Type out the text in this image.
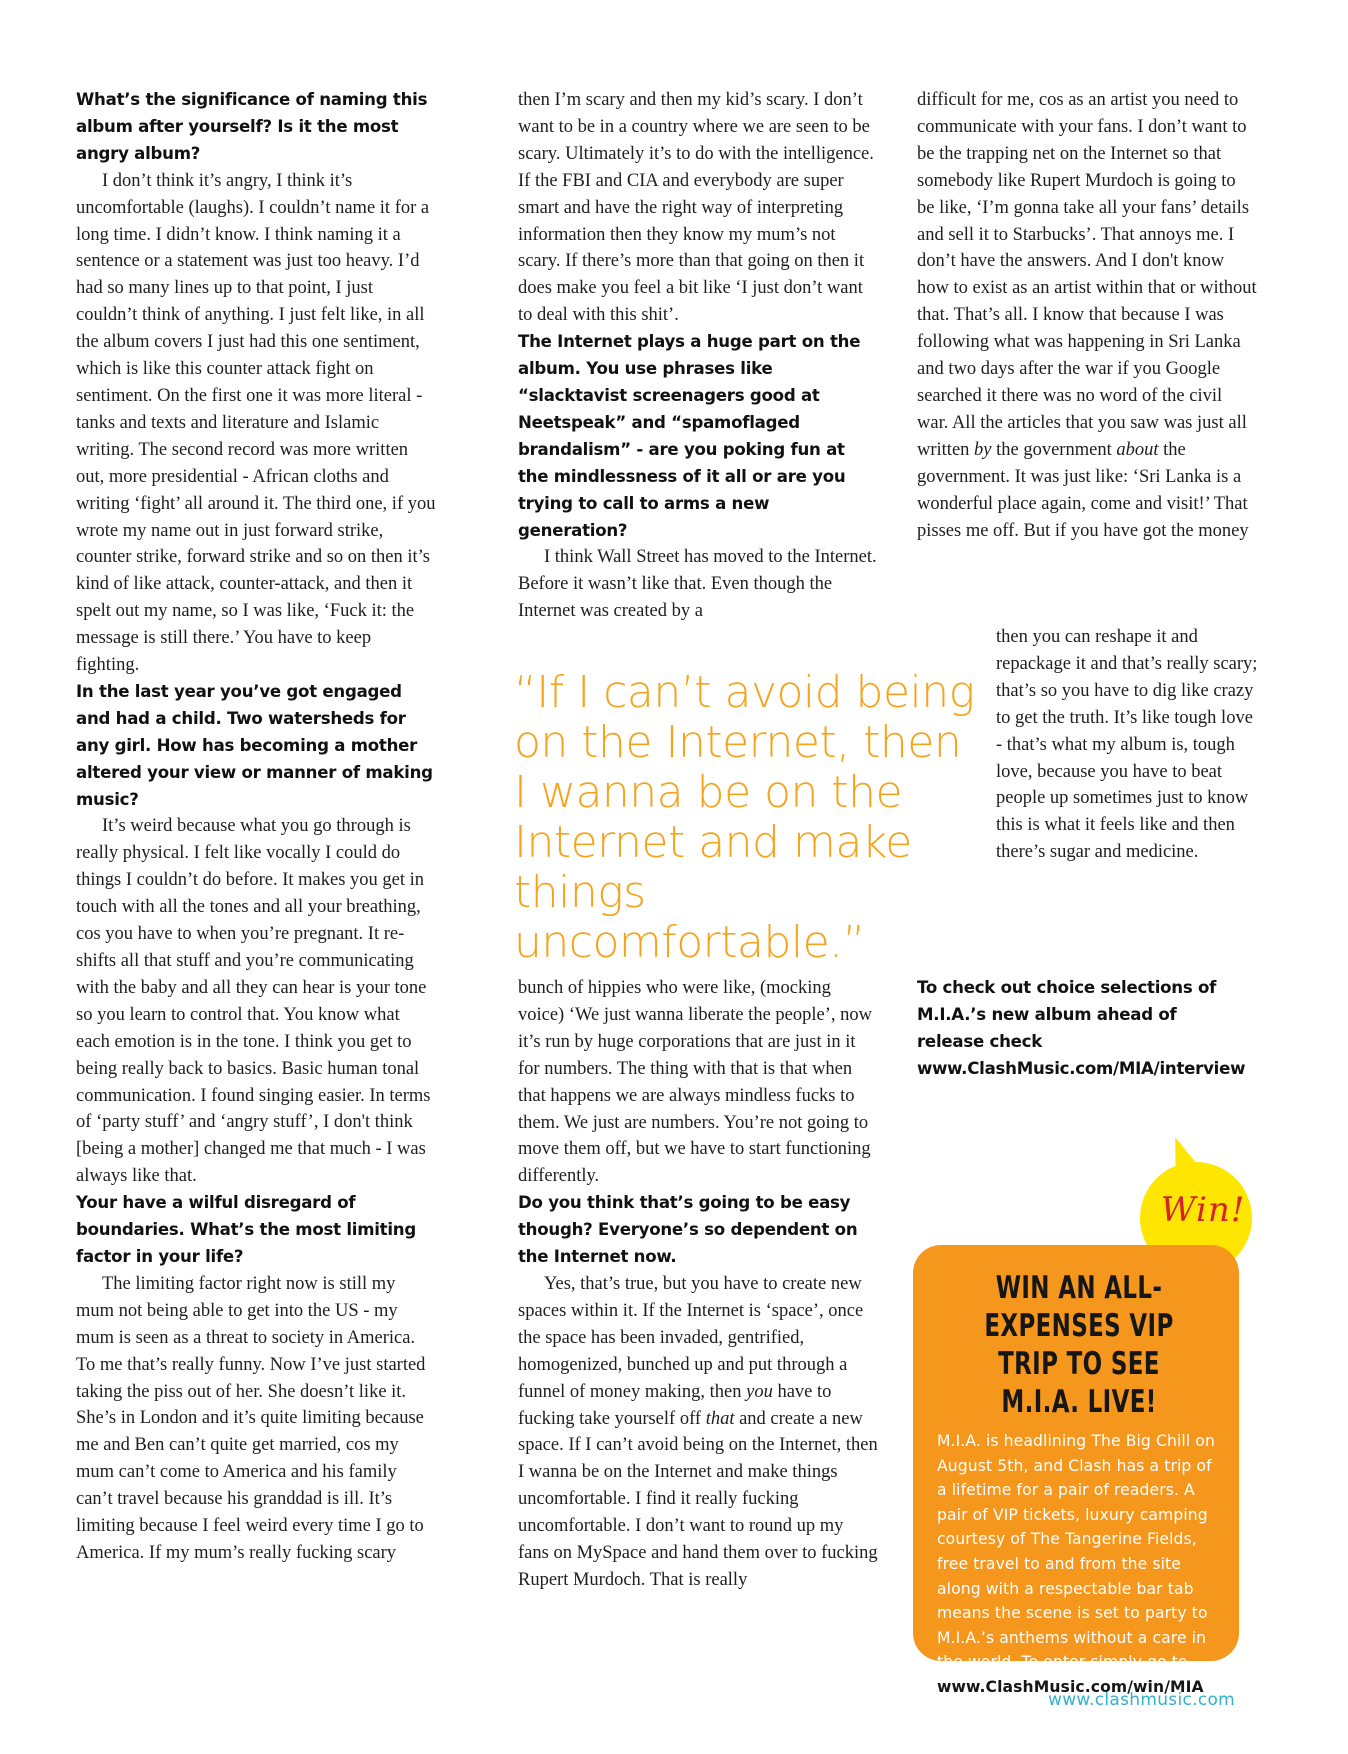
What’s the significance of naming this album after yourself? Is it the most angry album?

I don’t think it’s angry, I think it’s uncomfortable (laughs). I couldn’t name it for a long time. I didn’t know. I think naming it a sentence or a statement was just too heavy. I’d had so many lines up to that point, I just couldn’t think of anything. I just felt like, in all the album covers I just had this one sentiment, which is like this counter attack fight on sentiment. On the first one it was more literal - tanks and texts and literature and Islamic writing. The second record was more written out, more presidential - African cloths and writing ‘fight’ all around it. The third one, if you wrote my name out in just forward strike, counter strike, forward strike and so on then it’s kind of like attack, counter-attack, and then it spelt out my name, so I was like, ‘Fuck it: the message is still there.’ You have to keep fighting.

In the last year you’ve got engaged and had a child. Two watersheds for any girl. How has becoming a mother altered your view or manner of making music?

It’s weird because what you go through is really physical. I felt like vocally I could do things I couldn’t do before. It makes you get in touch with all the tones and all your breathing, cos you have to when you’re pregnant. It re-shifts all that stuff and you’re communicating with the baby and all they can hear is your tone so you learn to control that. You know what each emotion is in the tone. I think you get to being really back to basics. Basic human tonal communication. I found singing easier. In terms of ‘party stuff’ and ‘angry stuff’, I don't think [being a mother] changed me that much - I was always like that.

Your have a wilful disregard of boundaries. What’s the most limiting factor in your life?

The limiting factor right now is still my mum not being able to get into the US - my mum is seen as a threat to society in America. To me that’s really funny. Now I’ve just started taking the piss out of her. She doesn’t like it. She’s in London and it’s quite limiting because me and Ben can’t quite get married, cos my mum can’t come to America and his family can’t travel because his granddad is ill. It’s limiting because I feel weird every time I go to America. If my mum’s really fucking scary

then I’m scary and then my kid’s scary. I don’t want to be in a country where we are seen to be scary. Ultimately it’s to do with the intelligence. If the FBI and CIA and everybody are super smart and have the right way of interpreting information then they know my mum’s not scary. If there’s more than that going on then it does make you feel a bit like ‘I just don’t want to deal with this shit’.

The Internet plays a huge part on the album. You use phrases like “slacktavist screenagers good at Neetspeak” and “spamoflaged brandalism” - are you poking fun at the mindlessness of it all or are you trying to call to arms a new generation?

I think Wall Street has moved to the Internet. Before it wasn’t like that. Even though the Internet was created by a

“If I can’t avoid being on the Internet, then I wanna be on the Internet and make things uncomfortable.”

bunch of hippies who were like, (mocking voice) ‘We just wanna liberate the people’, now it’s run by huge corporations that are just in it for numbers. The thing with that is that when that happens we are always mindless fucks to them. We just are numbers. You’re not going to move them off, but we have to start functioning differently.

Do you think that’s going to be easy though? Everyone’s so dependent on the Internet now.

Yes, that’s true, but you have to create new spaces within it. If the Internet is ‘space’, once the space has been invaded, gentrified, homogenized, bunched up and put through a funnel of money making, then you have to fucking take yourself off that and create a new space. If I can’t avoid being on the Internet, then I wanna be on the Internet and make things uncomfortable. I find it really fucking uncomfortable. I don’t want to round up my fans on MySpace and hand them over to fucking Rupert Murdoch. That is really

difficult for me, cos as an artist you need to communicate with your fans. I don’t want to be the trapping net on the Internet so that somebody like Rupert Murdoch is going to be like, ‘I’m gonna take all your fans’ details and sell it to Starbucks’. That annoys me. I don’t have the answers. And I don't know how to exist as an artist within that or without that. That’s all. I know that because I was following what was happening in Sri Lanka and two days after the war if you Google searched it there was no word of the civil war. All the articles that you saw was just all written by the government about the government. It was just like: ‘Sri Lanka is a wonderful place again, come and visit!’ That pisses me off. But if you have got the money

then you can reshape it and repackage it and that’s really scary; that’s so you have to dig like crazy to get the truth. It’s like tough love - that’s what my album is, tough love, because you have to beat people up sometimes just to know this is what it feels like and then there’s sugar and medicine.

To check out choice selections of M.I.A.’s new album ahead of release check www.ClashMusic.com/MIA/interview

Win!

WIN AN ALL-EXPENSES VIP TRIP TO SEE M.I.A. LIVE!

M.I.A. is headlining The Big Chill on August 5th, and Clash has a trip of a lifetime for a pair of readers. A pair of VIP tickets, luxury camping courtesy of The Tangerine Fields, free travel to and from the site along with a respectable bar tab means the scene is set to party to M.I.A.’s anthems without a care in the world. To enter simply go to www.ClashMusic.com/win/MIA

www.clashmusic.com
